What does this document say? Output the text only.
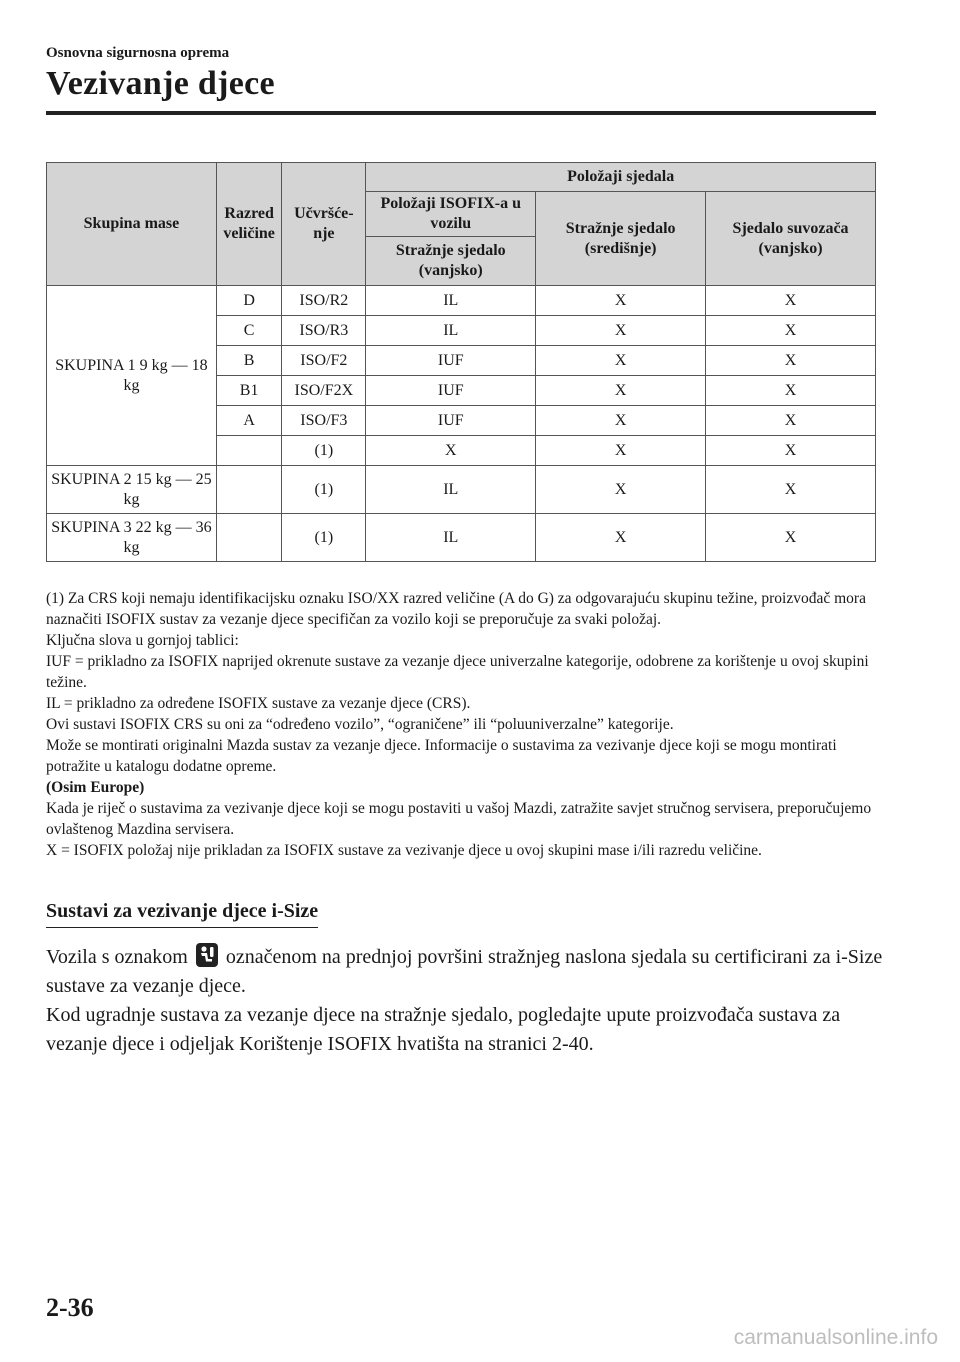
Osnovna sigurnosna oprema

Vezivanje djece
Skupina mase	Razred veličine	Učvršće-nje	Položaji sjedala		
			Položaji ISOFIX-a u vozilu	Stražnje sjedalo (središnje)	Sjedalo suvozača (vanjsko)
			Stražnje sjedalo (vanjsko)		
SKUPINA 1 9 kg — 18 kg	D	ISO/R2	IL	X	X
	C	ISO/R3	IL	X	X
	B	ISO/F2	IUF	X	X
	B1	ISO/F2X	IUF	X	X
	A	ISO/F3	IUF	X	X
		(1)	X	X	X
SKUPINA 2 15 kg — 25 kg		(1)	IL	X	X
SKUPINA 3 22 kg — 36 kg		(1)	IL	X	X

(1) Za CRS koji nemaju identifikacijsku oznaku ISO/XX razred veličine (A do G) za odgovarajuću skupinu težine, proizvođač mora naznačiti ISOFIX sustav za vezanje djece specifičan za vozilo koji se preporučuje za svaki položaj.

Ključna slova u gornjoj tablici:

IUF = prikladno za ISOFIX naprijed okrenute sustave za vezanje djece univerzalne kategorije, odobrene za korištenje u ovoj skupini težine.

IL = prikladno za određene ISOFIX sustave za vezanje djece (CRS).

Ovi sustavi ISOFIX CRS su oni za “određeno vozilo”, “ograničene” ili “poluuniverzalne” kategorije.

Može se montirati originalni Mazda sustav za vezanje djece. Informacije o sustavima za vezivanje djece koji se mogu montirati potražite u katalogu dodatne opreme.

(Osim Europe)

Kada je riječ o sustavima za vezivanje djece koji se mogu postaviti u vašoj Mazdi, zatražite savjet stručnog servisera, preporučujemo ovlaštenog Mazdina servisera.

X = ISOFIX položaj nije prikladan za ISOFIX sustave za vezivanje djece u ovoj skupini mase i/ili razredu veličine.

Sustavi za vezivanje djece i-Size

Vozila s oznakom označenom na prednjoj površini stražnjeg naslona sjedala su certificirani za i-Size sustave za vezanje djece.

Kod ugradnje sustava za vezanje djece na stražnje sjedalo, pogledajte upute proizvođača sustava za vezanje djece i odjeljak Korištenje ISOFIX hvatišta na stranici 2-40.

2-36
carmanualsonline.info
